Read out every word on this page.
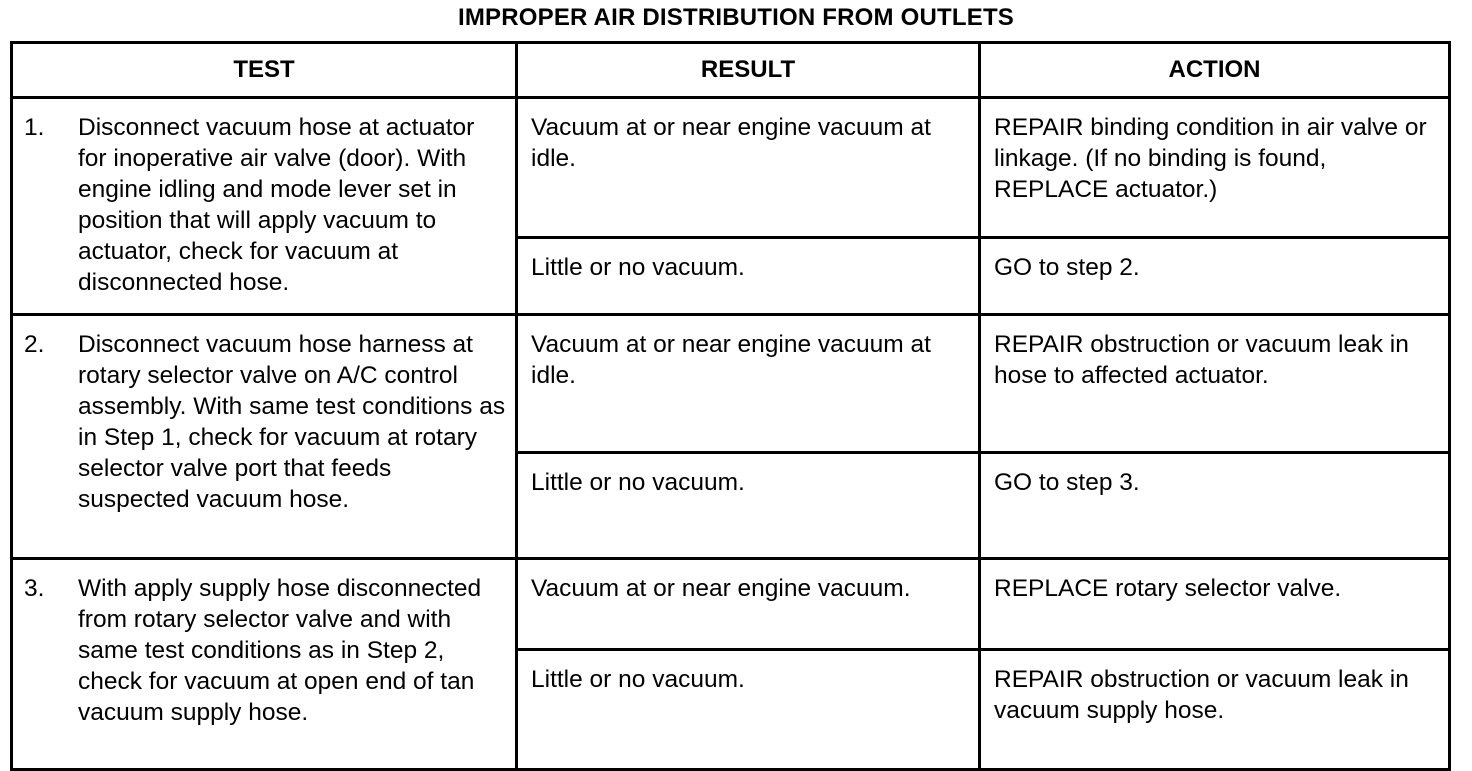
IMPROPER AIR DISTRIBUTION FROM OUTLETS
TEST	RESULT	ACTION

1. Disconnect vacuum hose at actuator for inoperative air valve (door). With engine idling and mode lever set in position that will apply vacuum to actuator, check for vacuum at disconnected hose.	Vacuum at or near engine vacuum at idle.	REPAIR binding condition in air valve or linkage. (If no binding is found, REPLACE actuator.)
	Little or no vacuum.	GO to step 2.

2. Disconnect vacuum hose harness at rotary selector valve on A/C control assembly. With same test conditions as in Step 1, check for vacuum at rotary selector valve port that feeds suspected vacuum hose.	Vacuum at or near engine vacuum at idle.	REPAIR obstruction or vacuum leak in hose to affected actuator.
	Little or no vacuum.	GO to step 3.

3. With apply supply hose disconnected from rotary selector valve and with same test conditions as in Step 2, check for vacuum at open end of tan vacuum supply hose.	Vacuum at or near engine vacuum.	REPLACE rotary selector valve.
	Little or no vacuum.	REPAIR obstruction or vacuum leak in vacuum supply hose.
